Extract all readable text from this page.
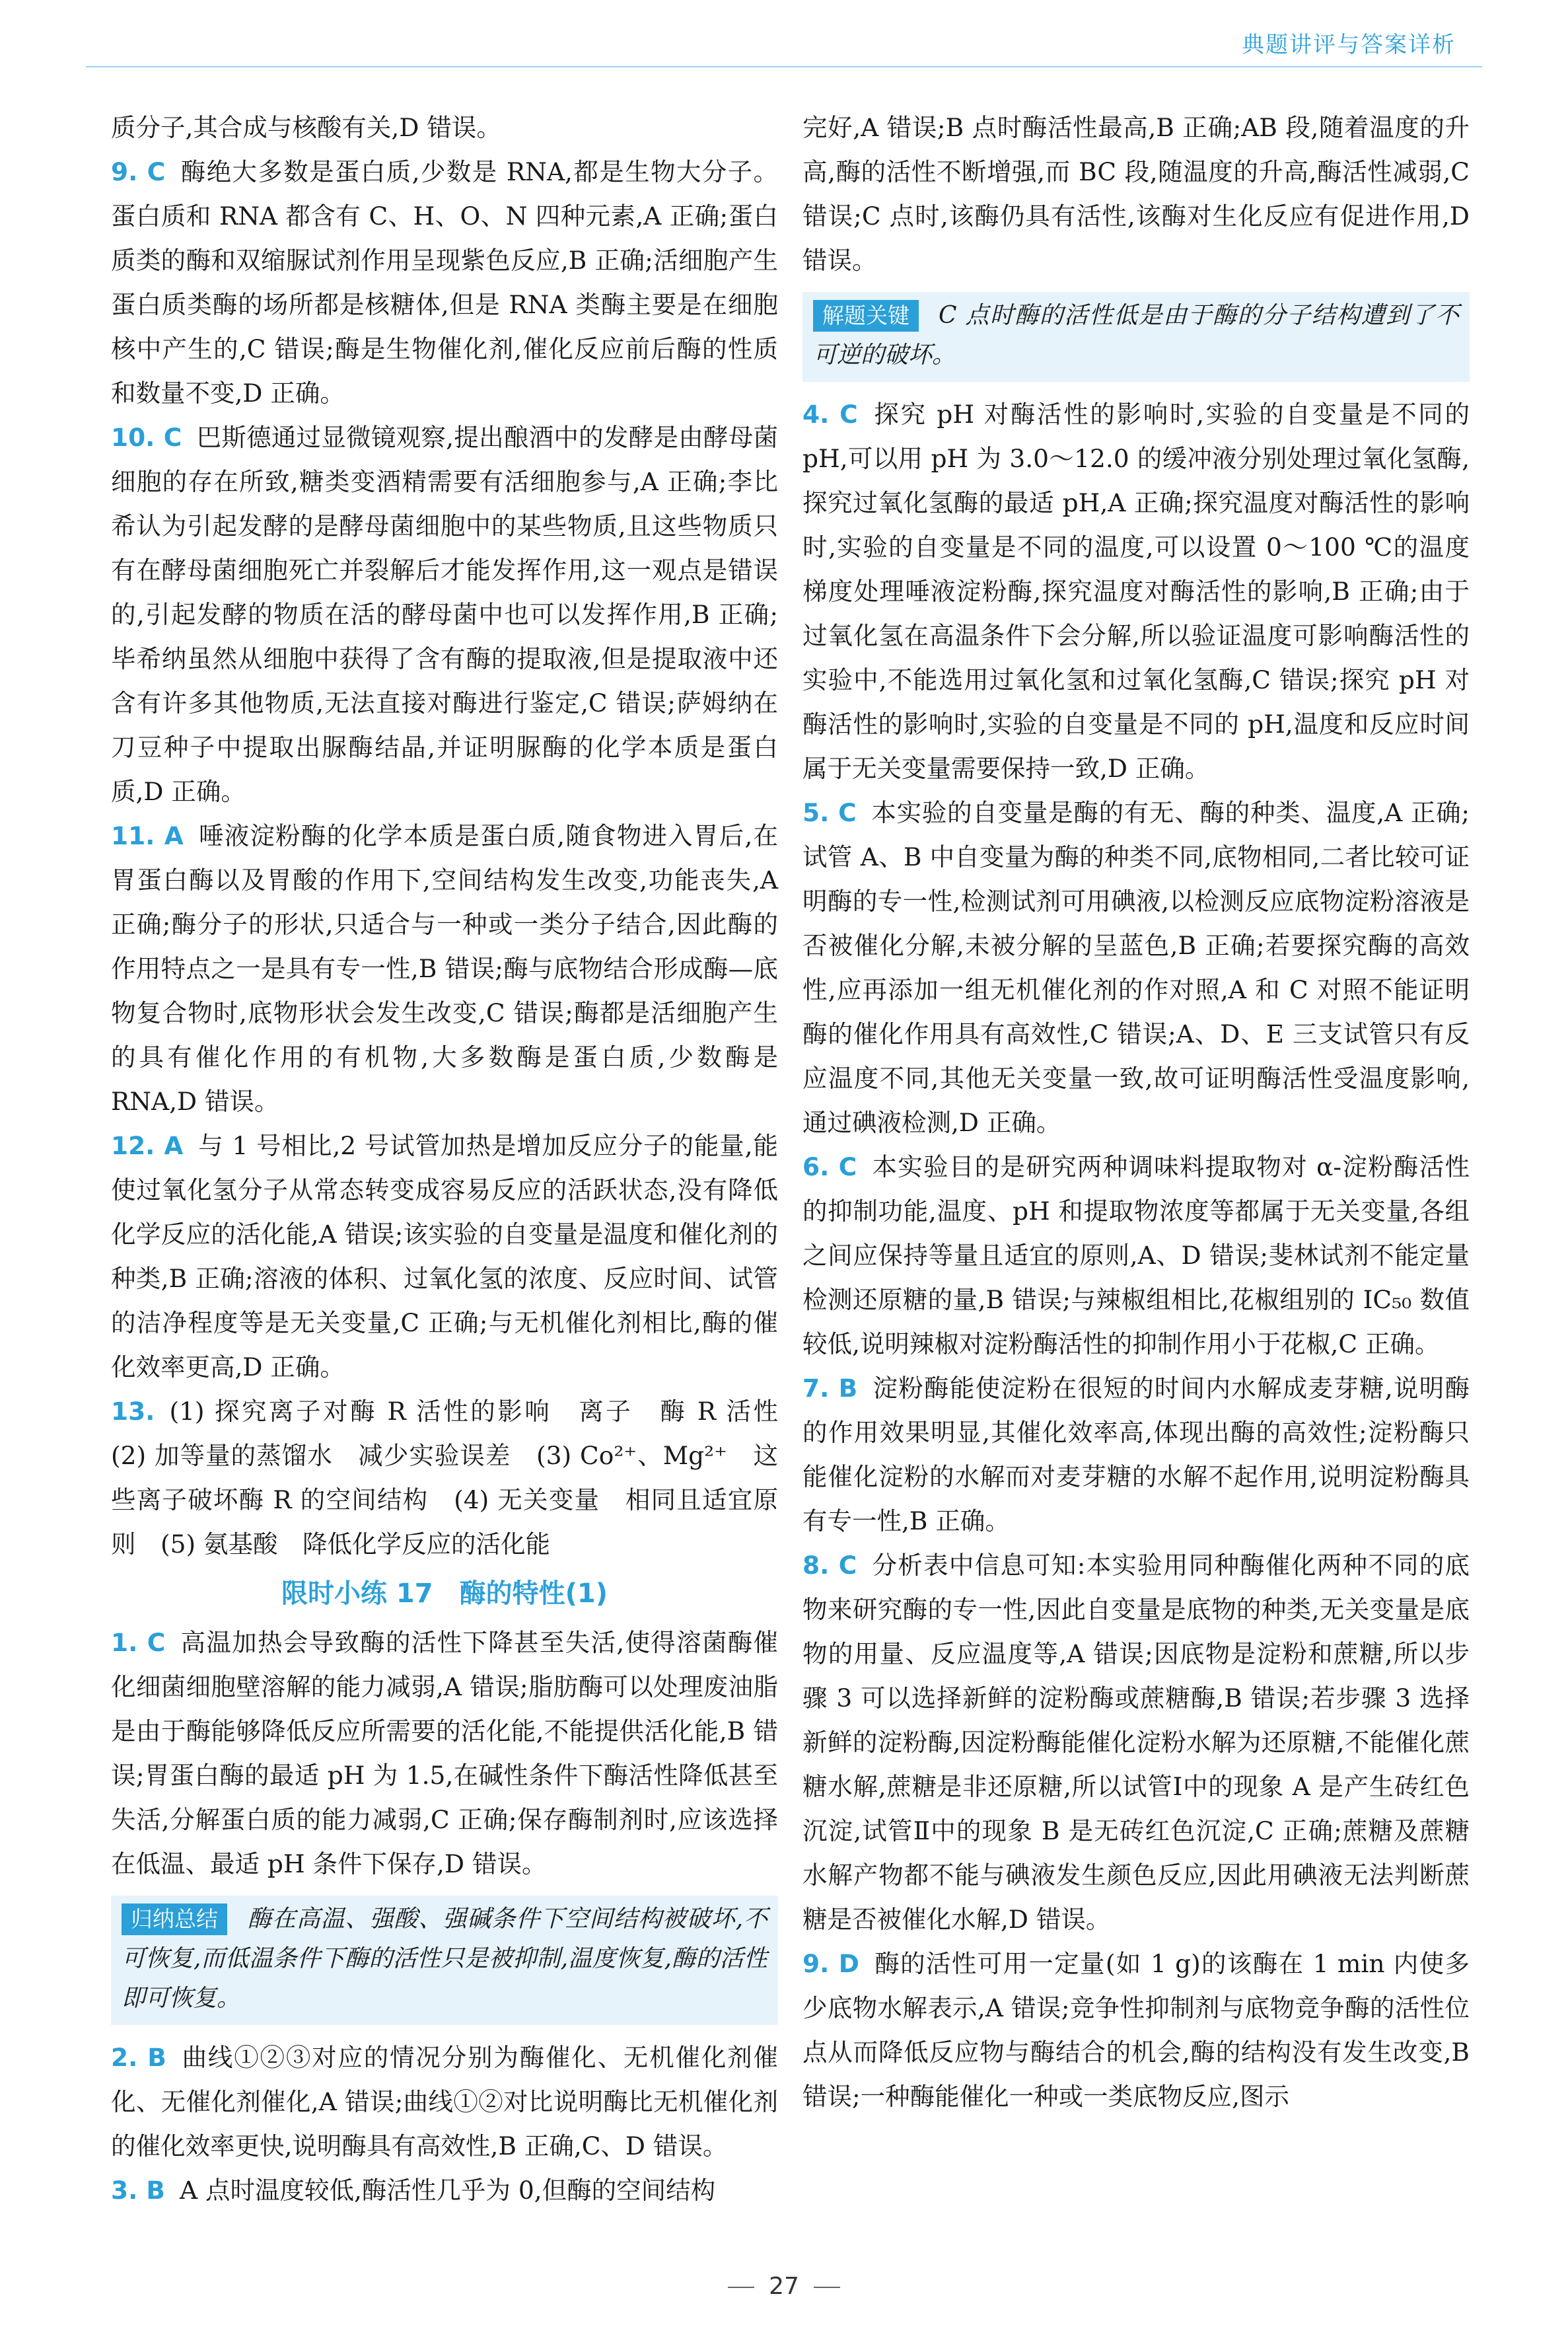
典题讲评与答案详析

质分子,其合成与核酸有关,D 错误。

9. C 酶绝大多数是蛋白质,少数是 RNA,都是生物大分子。蛋白质和 RNA 都含有 C、H、O、N 四种元素,A 正确;蛋白质类的酶和双缩脲试剂作用呈现紫色反应,B 正确;活细胞产生蛋白质类酶的场所都是核糖体,但是 RNA 类酶主要是在细胞核中产生的,C 错误;酶是生物催化剂,催化反应前后酶的性质和数量不变,D 正确。

10. C 巴斯德通过显微镜观察,提出酿酒中的发酵是由酵母菌细胞的存在所致,糖类变酒精需要有活细胞参与,A 正确;李比希认为引起发酵的是酵母菌细胞中的某些物质,且这些物质只有在酵母菌细胞死亡并裂解后才能发挥作用,这一观点是错误的,引起发酵的物质在活的酵母菌中也可以发挥作用,B 正确;毕希纳虽然从细胞中获得了含有酶的提取液,但是提取液中还含有许多其他物质,无法直接对酶进行鉴定,C 错误;萨姆纳在刀豆种子中提取出脲酶结晶,并证明脲酶的化学本质是蛋白质,D 正确。

11. A 唾液淀粉酶的化学本质是蛋白质,随食物进入胃后,在胃蛋白酶以及胃酸的作用下,空间结构发生改变,功能丧失,A 正确;酶分子的形状,只适合与一种或一类分子结合,因此酶的作用特点之一是具有专一性,B 错误;酶与底物结合形成酶—底物复合物时,底物形状会发生改变,C 错误;酶都是活细胞产生的具有催化作用的有机物,大多数酶是蛋白质,少数酶是 RNA,D 错误。

12. A 与 1 号相比,2 号试管加热是增加反应分子的能量,能使过氧化氢分子从常态转变成容易反应的活跃状态,没有降低化学反应的活化能,A 错误;该实验的自变量是温度和催化剂的种类,B 正确;溶液的体积、过氧化氢的浓度、反应时间、试管的洁净程度等是无关变量,C 正确;与无机催化剂相比,酶的催化效率更高,D 正确。

13. (1) 探究离子对酶 R 活性的影响　离子　酶 R 活性　(2) 加等量的蒸馏水　减少实验误差　(3) Co²⁺、Mg²⁺　这些离子破坏酶 R 的空间结构　(4) 无关变量　相同且适宜原则　(5) 氨基酸　降低化学反应的活化能

限时小练 17　酶的特性(1)

1. C 高温加热会导致酶的活性下降甚至失活,使得溶菌酶催化细菌细胞壁溶解的能力减弱,A 错误;脂肪酶可以处理废油脂是由于酶能够降低反应所需要的活化能,不能提供活化能,B 错误;胃蛋白酶的最适 pH 为 1.5,在碱性条件下酶活性降低甚至失活,分解蛋白质的能力减弱,C 正确;保存酶制剂时,应该选择在低温、最适 pH 条件下保存,D 错误。

归纳总结 酶在高温、强酸、强碱条件下空间结构被破坏,不可恢复,而低温条件下酶的活性只是被抑制,温度恢复,酶的活性即可恢复。

2. B 曲线①②③对应的情况分别为酶催化、无机催化剂催化、无催化剂催化,A 错误;曲线①②对比说明酶比无机催化剂的催化效率更快,说明酶具有高效性,B 正确,C、D 错误。

3. B A 点时温度较低,酶活性几乎为 0,但酶的空间结构

完好,A 错误;B 点时酶活性最高,B 正确;AB 段,随着温度的升高,酶的活性不断增强,而 BC 段,随温度的升高,酶活性减弱,C 错误;C 点时,该酶仍具有活性,该酶对生化反应有促进作用,D 错误。

解题关键 C 点时酶的活性低是由于酶的分子结构遭到了不可逆的破坏。

4. C 探究 pH 对酶活性的影响时,实验的自变量是不同的 pH,可以用 pH 为 3.0～12.0 的缓冲液分别处理过氧化氢酶,探究过氧化氢酶的最适 pH,A 正确;探究温度对酶活性的影响时,实验的自变量是不同的温度,可以设置 0～100 ℃的温度梯度处理唾液淀粉酶,探究温度对酶活性的影响,B 正确;由于过氧化氢在高温条件下会分解,所以验证温度可影响酶活性的实验中,不能选用过氧化氢和过氧化氢酶,C 错误;探究 pH 对酶活性的影响时,实验的自变量是不同的 pH,温度和反应时间属于无关变量需要保持一致,D 正确。

5. C 本实验的自变量是酶的有无、酶的种类、温度,A 正确;试管 A、B 中自变量为酶的种类不同,底物相同,二者比较可证明酶的专一性,检测试剂可用碘液,以检测反应底物淀粉溶液是否被催化分解,未被分解的呈蓝色,B 正确;若要探究酶的高效性,应再添加一组无机催化剂的作对照,A 和 C 对照不能证明酶的催化作用具有高效性,C 错误;A、D、E 三支试管只有反应温度不同,其他无关变量一致,故可证明酶活性受温度影响,通过碘液检测,D 正确。

6. C 本实验目的是研究两种调味料提取物对 α-淀粉酶活性的抑制功能,温度、pH 和提取物浓度等都属于无关变量,各组之间应保持等量且适宜的原则,A、D 错误;斐林试剂不能定量检测还原糖的量,B 错误;与辣椒组相比,花椒组别的 IC₅₀ 数值较低,说明辣椒对淀粉酶活性的抑制作用小于花椒,C 正确。

7. B 淀粉酶能使淀粉在很短的时间内水解成麦芽糖,说明酶的作用效果明显,其催化效率高,体现出酶的高效性;淀粉酶只能催化淀粉的水解而对麦芽糖的水解不起作用,说明淀粉酶具有专一性,B 正确。

8. C 分析表中信息可知:本实验用同种酶催化两种不同的底物来研究酶的专一性,因此自变量是底物的种类,无关变量是底物的用量、反应温度等,A 错误;因底物是淀粉和蔗糖,所以步骤 3 可以选择新鲜的淀粉酶或蔗糖酶,B 错误;若步骤 3 选择新鲜的淀粉酶,因淀粉酶能催化淀粉水解为还原糖,不能催化蔗糖水解,蔗糖是非还原糖,所以试管Ⅰ中的现象 A 是产生砖红色沉淀,试管Ⅱ中的现象 B 是无砖红色沉淀,C 正确;蔗糖及蔗糖水解产物都不能与碘液发生颜色反应,因此用碘液无法判断蔗糖是否被催化水解,D 错误。

9. D 酶的活性可用一定量(如 1 g)的该酶在 1 min 内使多少底物水解表示,A 错误;竞争性抑制剂与底物竞争酶的活性位点从而降低反应物与酶结合的机会,酶的结构没有发生改变,B 错误;一种酶能催化一种或一类底物反应,图示

27
